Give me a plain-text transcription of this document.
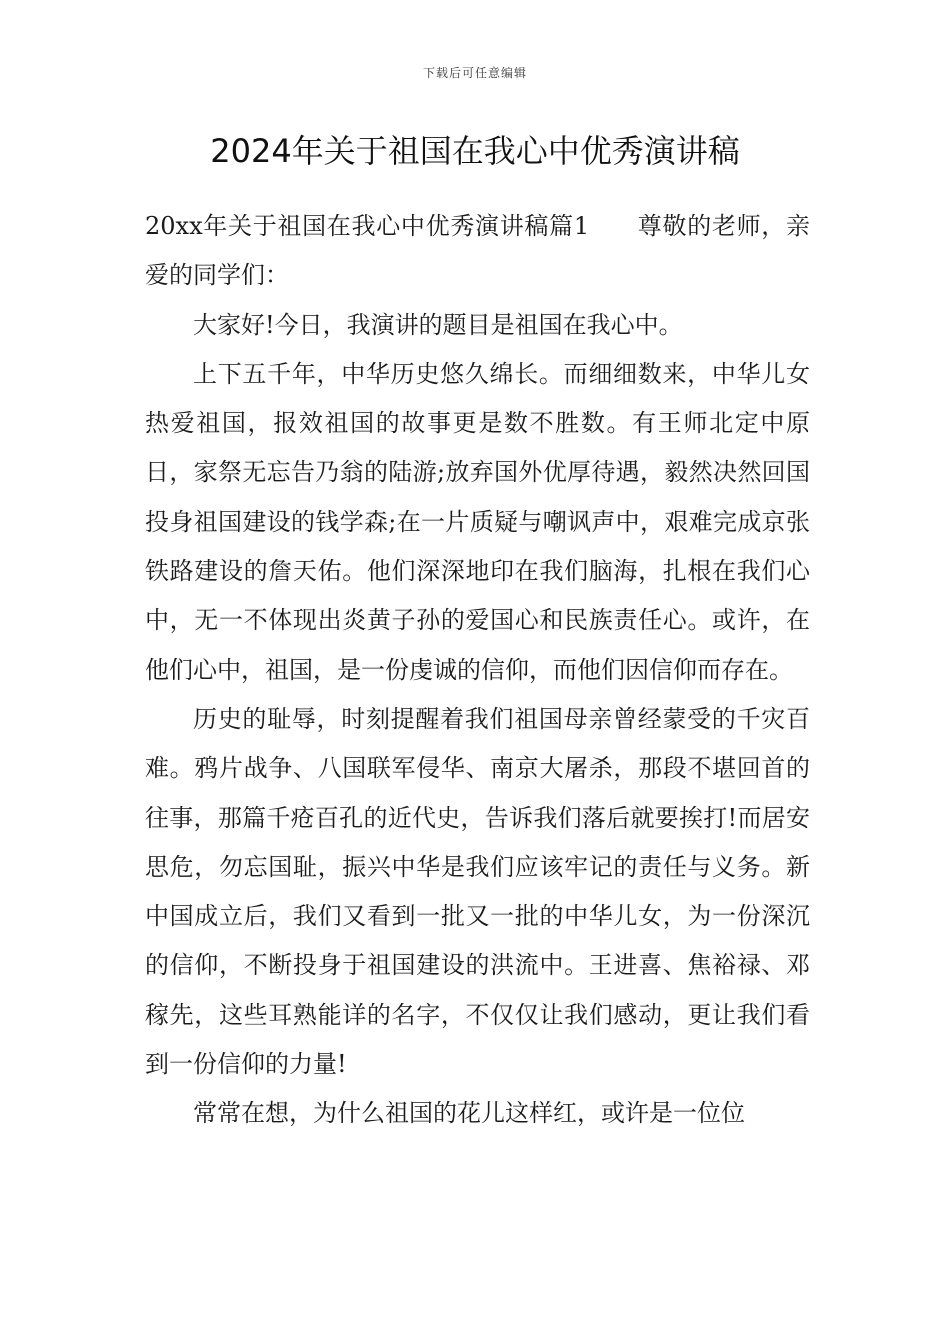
下载后可任意编辑
2024年关于祖国在我心中优秀演讲稿

20xx年关于祖国在我心中优秀演讲稿篇1 尊敬的老师，亲爱的同学们：

大家好!今日，我演讲的题目是祖国在我心中。

上下五千年，中华历史悠久绵长。而细细数来，中华儿女热爱祖国，报效祖国的故事更是数不胜数。有王师北定中原日，家祭无忘告乃翁的陆游;放弃国外优厚待遇，毅然决然回国投身祖国建设的钱学森;在一片质疑与嘲讽声中，艰难完成京张铁路建设的詹天佑。他们深深地印在我们脑海，扎根在我们心中，无一不体现出炎黄子孙的爱国心和民族责任心。或许，在他们心中，祖国，是一份虔诚的信仰，而他们因信仰而存在。

历史的耻辱，时刻提醒着我们祖国母亲曾经蒙受的千灾百难。鸦片战争、八国联军侵华、南京大屠杀，那段不堪回首的往事，那篇千疮百孔的近代史，告诉我们落后就要挨打!而居安思危，勿忘国耻，振兴中华是我们应该牢记的责任与义务。新中国成立后，我们又看到一批又一批的中华儿女，为一份深沉的信仰，不断投身于祖国建设的洪流中。王进喜、焦裕禄、邓稼先，这些耳熟能详的名字，不仅仅让我们感动，更让我们看到一份信仰的力量!

常常在想，为什么祖国的花儿这样红，或许是一位位
